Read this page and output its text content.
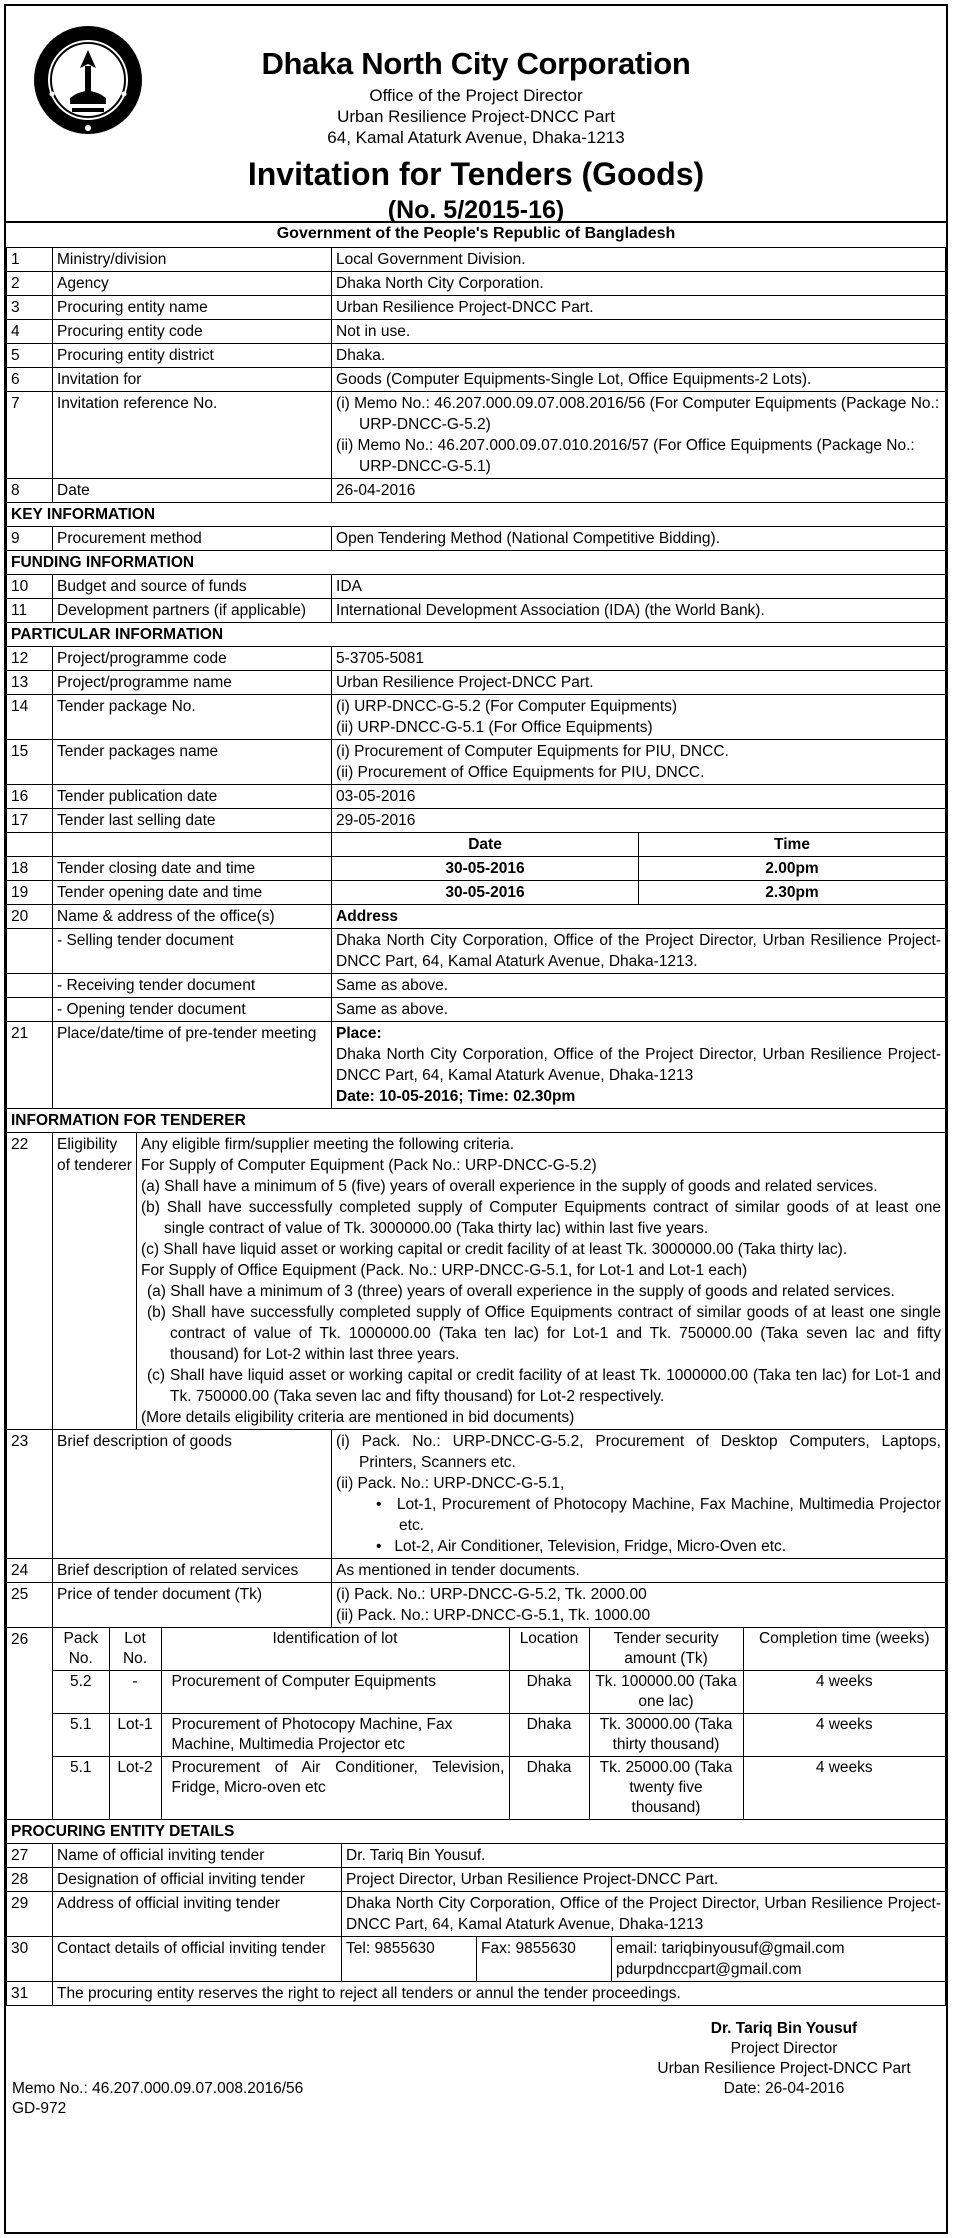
Dhaka North City Corporation
Office of the Project Director
Urban Resilience Project-DNCC Part
64, Kamal Ataturk Avenue, Dhaka-1213
Invitation for Tenders (Goods)
(No. 5/2015-16)
Government of the People's Republic of Bangladesh
1	Ministry/division	Local Government Division.
2	Agency	Dhaka North City Corporation.
3	Procuring entity name	Urban Resilience Project-DNCC Part.
4	Procuring entity code	Not in use.
5	Procuring entity district	Dhaka.
6	Invitation for	Goods (Computer Equipments-Single Lot, Office Equipments-2 Lots).
7	Invitation reference No.	(i) Memo No.: 46.207.000.09.07.008.2016/56 (For Computer Equipments (Package No.: URP-DNCC-G-5.2)
(ii) Memo No.: 46.207.000.09.07.010.2016/57 (For Office Equipments (Package No.: URP-DNCC-G-5.1)

8	Date	26-04-2016
KEY INFORMATION
9	Procurement method	Open Tendering Method (National Competitive Bidding).
FUNDING INFORMATION
10	Budget and source of funds	IDA
11	Development partners (if applicable)	International Development Association (IDA) (the World Bank).
PARTICULAR INFORMATION
12	Project/programme code	5-3705-5081
13	Project/programme name	Urban Resilience Project-DNCC Part.
14	Tender package No.	(i) URP-DNCC-G-5.2 (For Computer Equipments)
(ii) URP-DNCC-G-5.1 (For Office Equipments)

15	Tender packages name	(i) Procurement of Computer Equipments for PIU, DNCC.
(ii) Procurement of Office Equipments for PIU, DNCC.

16	Tender publication date	03-05-2016
17	Tender last selling date	29-05-2016

Date	Time

18	Tender closing date and time		30-05-2016	2.00pm

19	Tender opening date and time		30-05-2016	2.30pm

20	Name & address of the office(s)	Address
	- Selling tender document	Dhaka North City Corporation, Office of the Project Director, Urban Resilience Project-DNCC Part, 64, Kamal Ataturk Avenue, Dhaka-1213.
	- Receiving tender document	Same as above.
	- Opening tender document	Same as above.
21	Place/date/time of pre-tender meeting	Place:
Dhaka North City Corporation, Office of the Project Director, Urban Resilience Project-DNCC Part, 64, Kamal Ataturk Avenue, Dhaka-1213
Date: 10-05-2016; Time: 02.30pm

INFORMATION FOR TENDERER
22	Eligibility of tenderer	
Any eligible firm/supplier meeting the following criteria.
For Supply of Computer Equipment (Pack No.: URP-DNCC-G-5.2)
(a) Shall have a minimum of 5 (five) years of overall experience in the supply of goods and related services.
(b) Shall have successfully completed supply of Computer Equipments contract of similar goods of at least one single contract of value of Tk. 3000000.00 (Taka thirty lac) within last five years.
(c) Shall have liquid asset or working capital or credit facility of at least Tk. 3000000.00 (Taka thirty lac).
For Supply of Office Equipment (Pack. No.: URP-DNCC-G-5.1, for Lot-1 and Lot-1 each)
(a) Shall have a minimum of 3 (three) years of overall experience in the supply of goods and related services.
(b) Shall have successfully completed supply of Office Equipments contract of similar goods of at least one single contract of value of Tk. 1000000.00 (Taka ten lac) for Lot-1 and Tk. 750000.00 (Taka seven lac and fifty thousand) for Lot-2 within last three years.
(c) Shall have liquid asset or working capital or credit facility of at least Tk. 1000000.00 (Taka ten lac) for Lot-1 and Tk. 750000.00 (Taka seven lac and fifty thousand) for Lot-2 respectively.
(More details eligibility criteria are mentioned in bid documents)

23	Brief description of goods	(i) Pack. No.: URP-DNCC-G-5.2, Procurement of Desktop Computers, Laptops, Printers, Scanners etc.
(ii) Pack. No.: URP-DNCC-G-5.1,
•   Lot-1, Procurement of Photocopy Machine, Fax Machine, Multimedia Projector etc.
•   Lot-2, Air Conditioner, Television, Fridge, Micro-Oven etc.

24	Brief description of related services	As mentioned in tender documents.
25	Price of tender document (Tk)	(i) Pack. No.: URP-DNCC-G-5.2, Tk. 2000.00
(ii) Pack. No.: URP-DNCC-G-5.1, Tk. 1000.00

26	Pack No.	Lot No.	Identification of lot	Location	Tender security amount (Tk)	Completion time (weeks)
5.2	-	Procurement of Computer Equipments	Dhaka	Tk. 100000.00 (Taka one lac)	4 weeks
5.1	Lot-1	Procurement of Photocopy Machine, Fax Machine, Multimedia Projector etc	Dhaka	Tk. 30000.00 (Taka thirty thousand)	4 weeks
5.1	Lot-2	Procurement of Air Conditioner, Television, Fridge, Micro-oven etc	Dhaka	Tk. 25000.00 (Taka twenty five thousand)	4 weeks

PROCURING ENTITY DETAILS
27	Name of official inviting tender	Dr. Tariq Bin Yousuf.
28	Designation of official inviting tender	Project Director, Urban Resilience Project-DNCC Part.
29	Address of official inviting tender	Dhaka North City Corporation, Office of the Project Director, Urban Resilience Project-DNCC Part, 64, Kamal Ataturk Avenue, Dhaka-1213
30	Contact details of official inviting tender	Tel: 9855630	Fax: 9855630	email: tariqbinyousuf@gmail.com
pdurpdnccpart@gmail.com

31	The procuring entity reserves the right to reject all tenders or annul the tender proceedings.
Memo No.: 46.207.000.09.07.008.2016/56
GD-972
Dr. Tariq Bin Yousuf
Project Director
Urban Resilience Project-DNCC Part
Date: 26-04-2016
